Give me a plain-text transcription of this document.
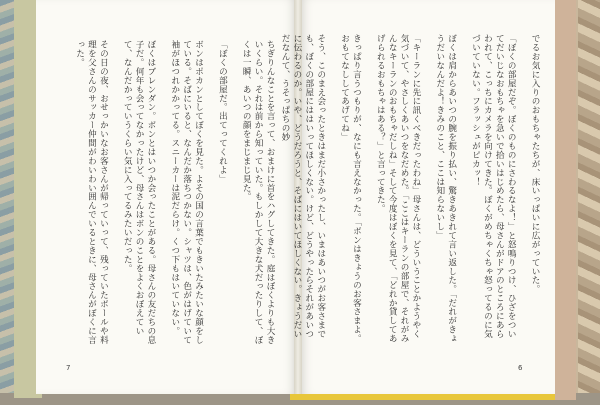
ちぎりんなことを言って、おまけに首をハグしてきた。庭はぼくよりも大きいくらい。それは前から知っていた。もしかして大きな犬だったりして、ぼくは一瞬、あいつの顔をまじまじ見た。

「ぼくの部屋だ。出てってくれよ」

ボンはポカンとしてぼくを見た。よその国の言葉でもきいたみたいな顔をしている。そばにいると、なんだか落ちつかない。シャツは、色がはげていて袖がほつれかかってる。スニーカーは泥だらけ。くつ下もはいていない。

ぼくはブレンダン。ボンとはいつか会ったことがある。母さんの友だちの息子だ。何年も会ってなかったけど、母さんはボンのことをよくおぼえていて、なんだかっていうくらい気に入ってるみたいだった。

その日の夜、おせっかいなお客さんが帰っていって、残っていたボールや料理を父さんのサッカー仲間がわいわい囲んでいるときに、母さんがぼくに言った。	でるお気に入りのおもちゃたちが、床いっぱいに広がっていた。

「ぼくの部屋だぞ。ぼくのものにさわるなよ！」と怒鳴りつけ、ひざをついてだいじなおもちゃを急いで拾いはじめたら、母さんがドアのところにあらわれて、こっちにカメラを向けてきた。ぼくがめちゃくちゃ怒ってるのに気づいていない。フラッシュがピカッ！

ぼくは肩からあいつの腕を振り払い、驚きあきれて言い返した。「だれがきょうだいなんだよ！きみのこと、ここは知らないし」

「キーランに先に訊くべきだったわね」母さんは、どういうことかようやく気づいて、やさしくあいつをなだめた。「ここはキーランの部屋で、それがみんなキーランのおもちゃだしね」そして今度はぼくを見て、「どれか貸してあげられるおもちゃはある？」と言ってきた。

きっぱり言うつもりが、なにも言えなかった。「ボンはきょうのお客さまよ。おもてなししてあげてね」

そう、このまえ会ったときはまだ小さかったし、いまはあいつがお客さまでも、ぼくの部屋にははいってほしくない。けど、どうやったらそれがあいつに伝わるのか。いや、どうだろうと、そばにはいてほしくない。きょうだいだなんて、うそっぱちの妙

7	6
